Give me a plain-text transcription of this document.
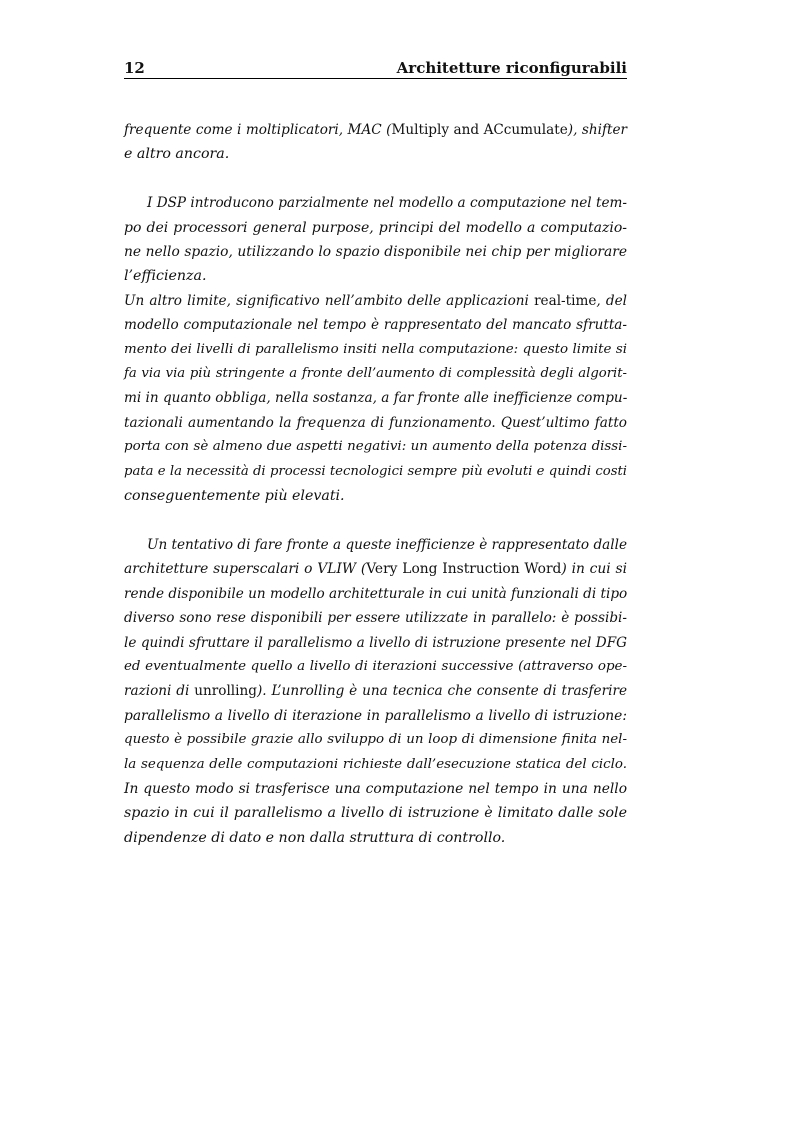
12	Architetture riconfigurabili

frequente come i moltiplicatori, MAC (Multiply and ACcumulate), shifter
e altro ancora.

I DSP introducono parzialmente nel modello a computazione nel tem-
po dei processori general purpose, principi del modello a computazio-
ne nello spazio, utilizzando lo spazio disponibile nei chip per migliorare
l’efficienza.
Un altro limite, significativo nell’ambito delle applicazioni real-time, del
modello computazionale nel tempo è rappresentato del mancato sfrutta-
mento dei livelli di parallelismo insiti nella computazione: questo limite si
fa via via più stringente a fronte dell’aumento di complessità degli algorit-
mi in quanto obbliga, nella sostanza, a far fronte alle inefficienze compu-
tazionali aumentando la frequenza di funzionamento. Quest’ultimo fatto
porta con sè almeno due aspetti negativi: un aumento della potenza dissi-
pata e la necessità di processi tecnologici sempre più evoluti e quindi costi
conseguentemente più elevati.

Un tentativo di fare fronte a queste inefficienze è rappresentato dalle
architetture superscalari o VLIW (Very Long Instruction Word) in cui si
rende disponibile un modello architetturale in cui unità funzionali di tipo
diverso sono rese disponibili per essere utilizzate in parallelo: è possibi-
le quindi sfruttare il parallelismo a livello di istruzione presente nel DFG
ed eventualmente quello a livello di iterazioni successive (attraverso ope-
razioni di unrolling). L’unrolling è una tecnica che consente di trasferire
parallelismo a livello di iterazione in parallelismo a livello di istruzione:
questo è possibile grazie allo sviluppo di un loop di dimensione finita nel-
la sequenza delle computazioni richieste dall’esecuzione statica del ciclo.
In questo modo si trasferisce una computazione nel tempo in una nello
spazio in cui il parallelismo a livello di istruzione è limitato dalle sole
dipendenze di dato e non dalla struttura di controllo.
